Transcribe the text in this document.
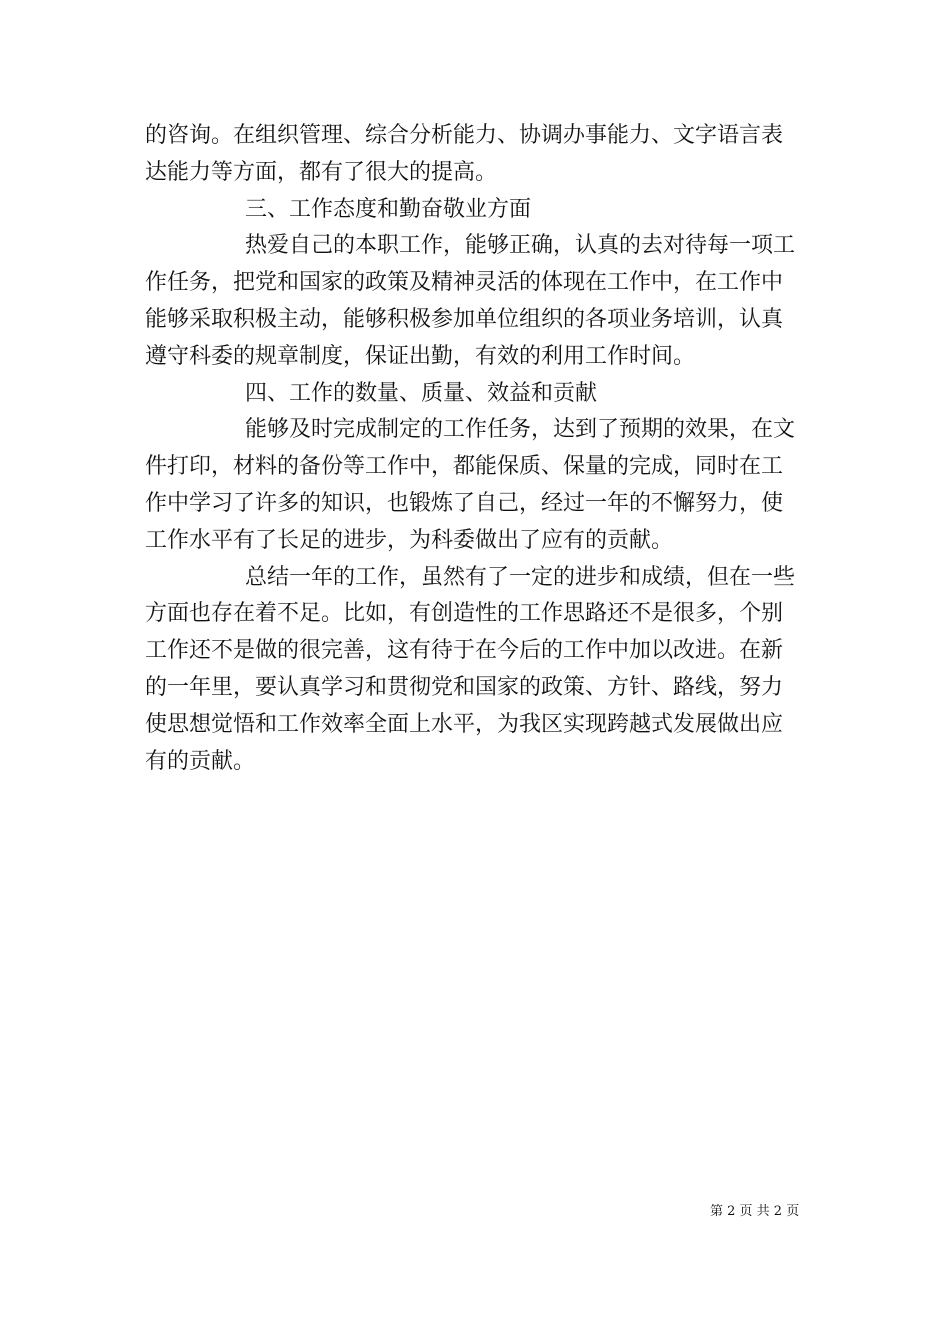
的咨询。在组织管理、综合分析能力、协调办事能力、文字语言表
达能力等方面，都有了很大的提高。
三、工作态度和勤奋敬业方面
热爱自己的本职工作，能够正确，认真的去对待每一项工
作任务，把党和国家的政策及精神灵活的体现在工作中，在工作中
能够采取积极主动，能够积极参加单位组织的各项业务培训，认真
遵守科委的规章制度，保证出勤，有效的利用工作时间。
四、工作的数量、质量、效益和贡献
能够及时完成制定的工作任务，达到了预期的效果，在文
件打印，材料的备份等工作中，都能保质、保量的完成，同时在工
作中学习了许多的知识，也锻炼了自己，经过一年的不懈努力，使
工作水平有了长足的进步，为科委做出了应有的贡献。
总结一年的工作，虽然有了一定的进步和成绩，但在一些
方面也存在着不足。比如，有创造性的工作思路还不是很多，个别
工作还不是做的很完善，这有待于在今后的工作中加以改进。在新
的一年里，要认真学习和贯彻党和国家的政策、方针、路线，努力
使思想觉悟和工作效率全面上水平，为我区实现跨越式发展做出应
有的贡献。
第 2 页 共 2 页
